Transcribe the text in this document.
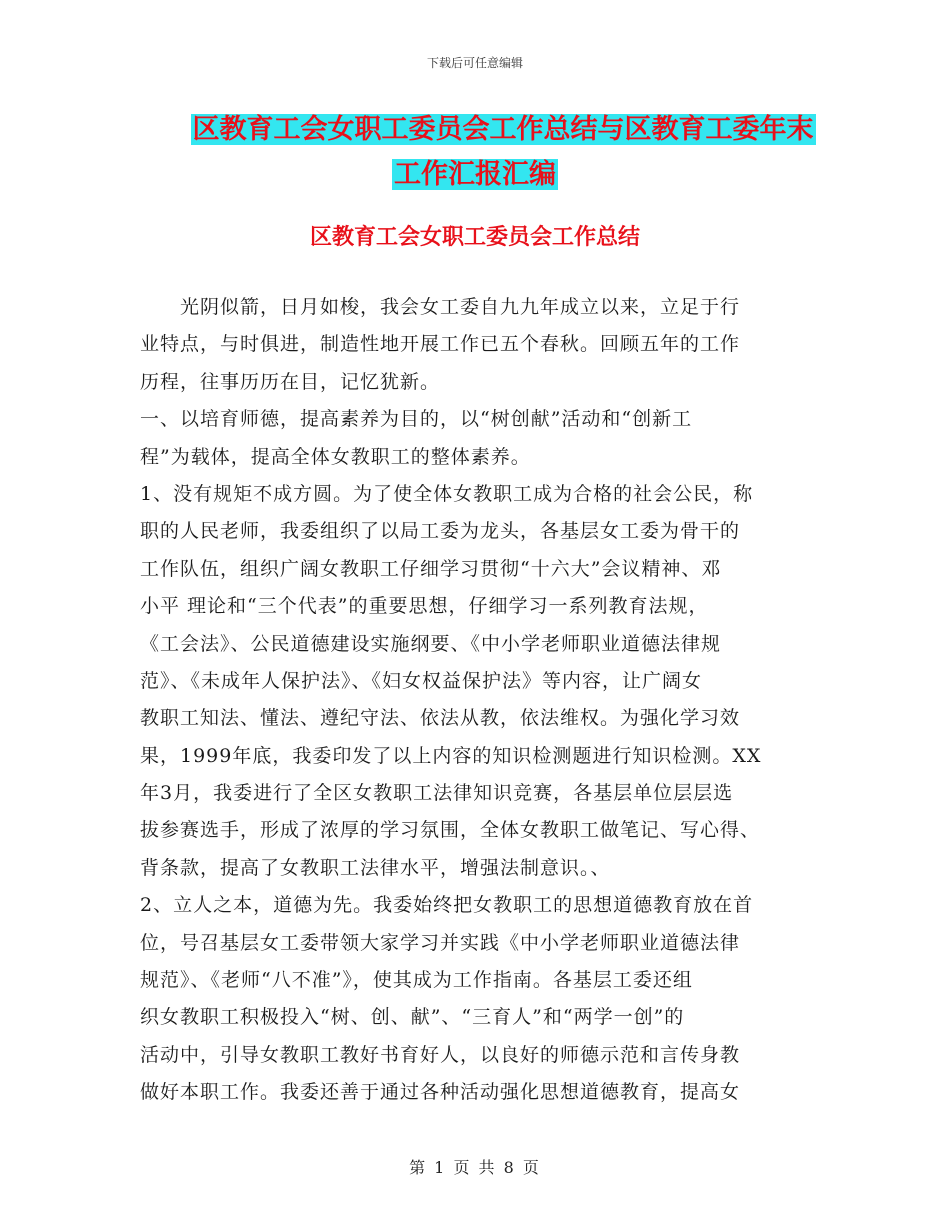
下载后可任意编辑
区教育工会女职工委员会工作总结与区教育工委年末
工作汇报汇编
区教育工会女职工委员会工作总结
　　光阴似箭，日月如梭，我会女工委自九九年成立以来，立足于行
业特点，与时俱进，制造性地开展工作已五个春秋。回顾五年的工作
历程，往事历历在目，记忆犹新。
一、以培育师德，提高素养为目的，以“树创献”活动和“创新工
程”为载体，提高全体女教职工的整体素养。
1、没有规矩不成方圆。为了使全体女教职工成为合格的社会公民，称
职的人民老师，我委组织了以局工委为龙头，各基层女工委为骨干的
工作队伍，组织广阔女教职工仔细学习贯彻“十六大”会议精神、邓
小平 理论和“三个代表”的重要思想，仔细学习一系列教育法规，
《工会法》、公民道德建设实施纲要、《中小学老师职业道德法律规
范》、《未成年人保护法》、《妇女权益保护法》等内容，让广阔女
教职工知法、懂法、遵纪守法、依法从教，依法维权。为强化学习效
果，1999年底，我委印发了以上内容的知识检测题进行知识检测。XX
年3月，我委进行了全区女教职工法律知识竞赛，各基层单位层层选
拔参赛选手，形成了浓厚的学习氛围，全体女教职工做笔记、写心得、
背条款，提高了女教职工法律水平，增强法制意识。、
2、立人之本，道德为先。我委始终把女教职工的思想道德教育放在首
位，号召基层女工委带领大家学习并实践《中小学老师职业道德法律
规范》、《老师“八不准”》，使其成为工作指南。各基层工委还组
织女教职工积极投入“树、创、献”、“三育人”和“两学一创”的
活动中，引导女教职工教好书育好人，以良好的师德示范和言传身教
做好本职工作。我委还善于通过各种活动强化思想道德教育，提高女
第 1 页 共 8 页
